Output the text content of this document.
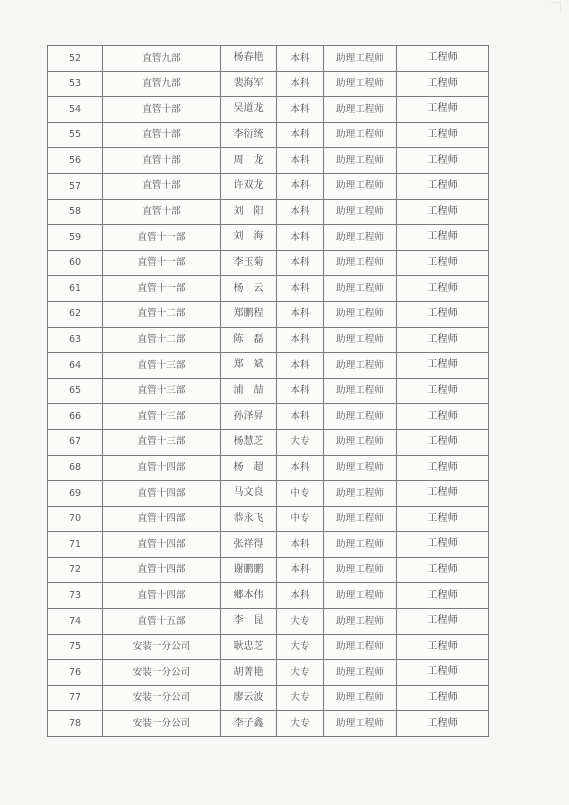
52	直管九部	杨春艳	本科	助理工程师	工程师
53	直管九部	裴海军	本科	助理工程师	工程师
54	直管十部	吴道龙	本科	助理工程师	工程师
55	直管十部	李衍统	本科	助理工程师	工程师
56	直管十部	周　龙	本科	助理工程师	工程师
57	直管十部	许双龙	本科	助理工程师	工程师
58	直管十部	刘　阳	本科	助理工程师	工程师
59	直管十一部	刘　海	本科	助理工程师	工程师
60	直管十一部	李玉菊	本科	助理工程师	工程师
61	直管十一部	杨　云	本科	助理工程师	工程师
62	直管十二部	郑鹏程	本科	助理工程师	工程师
63	直管十二部	陈　磊	本科	助理工程师	工程师
64	直管十三部	郑　斌	本科	助理工程师	工程师
65	直管十三部	浦　喆	本科	助理工程师	工程师
66	直管十三部	孙泽昇	本科	助理工程师	工程师
67	直管十三部	杨慧芝	大专	助理工程师	工程师
68	直管十四部	杨　超	本科	助理工程师	工程师
69	直管十四部	马文良	中专	助理工程师	工程师
70	直管十四部	恭永飞	中专	助理工程师	工程师
71	直管十四部	张祥得	本科	助理工程师	工程师
72	直管十四部	谢鹏鹏	本科	助理工程师	工程师
73	直管十四部	郷本伟	本科	助理工程师	工程师
74	直管十五部	李　昆	大专	助理工程师	工程师
75	安装一分公司	耿忠芝	大专	助理工程师	工程师
76	安装一分公司	胡菁艳	大专	助理工程师	工程师
77	安装一分公司	廖云波	大专	助理工程师	工程师
78	安装一分公司	李子鑫	大专	助理工程师	工程师
